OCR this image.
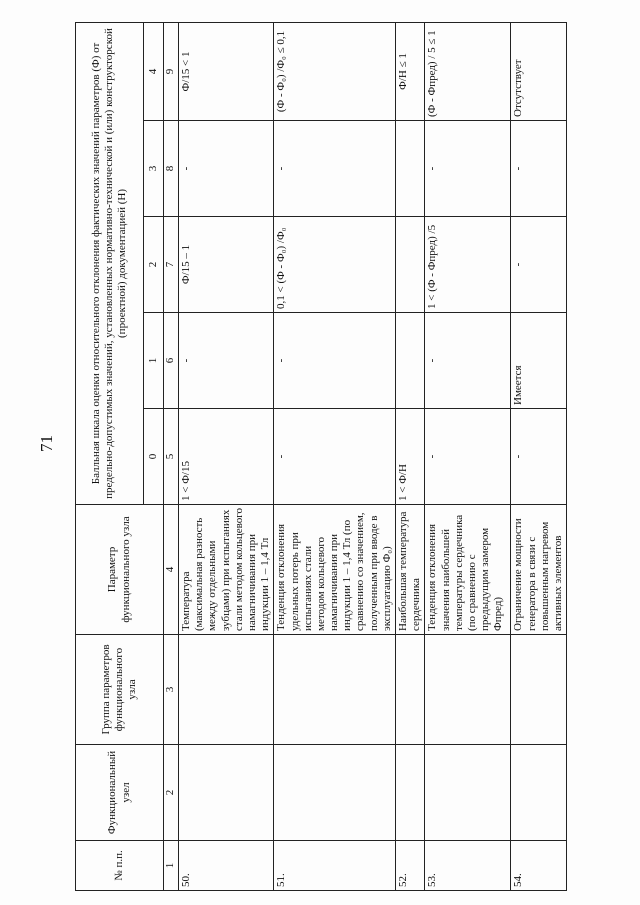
71
№ п.п.	Функциональный узел	Группа параметров функционального узла	Параметр функционального узла	Балльная шкала оценки относительного отклонения фактических значений параметров (Ф) от предельно-допустимых значений, установленных нормативно-технической и (или) конструкторской (проектной) документацией (Н)				
				0	1	2	3	4
1	2	3	4	5	6	7	8	9
50.			Температура (максимальная разность между отдельными зубцами) при испытаниях стали методом кольцевого намагничивания при индукции 1 – 1,4 Тл	1 < Ф/15	-	Ф/15 – 1	-	Ф/15 < 1
51.			Тенденция отклонения удельных потерь при испытаниях стали методом кольцевого намагничивания при индукции 1 – 1,4 Тл (по сравнению со значением, полученным при вводе в эксплуатацию Ф₀)	-	-	0,1 < (Ф - Ф₀) /Ф₀	-	(Ф - Ф₀) /Ф₀ ≤ 0,1
52.			Наибольшая температура сердечника	1 < Ф/Н				Ф/Н ≤ 1
53.			Тенденция отклонения значения наибольшей температуры сердечника (по сравнению с предыдущим замером Фпред)	-	-	1 < (Ф - Фпред) /5	-	(Ф - Фпред) / 5 ≤ 1
54.			Ограничение мощности генератора в связи с повышенным нагревом активных элементов	-	Имеется	-	-	Отсутствует
